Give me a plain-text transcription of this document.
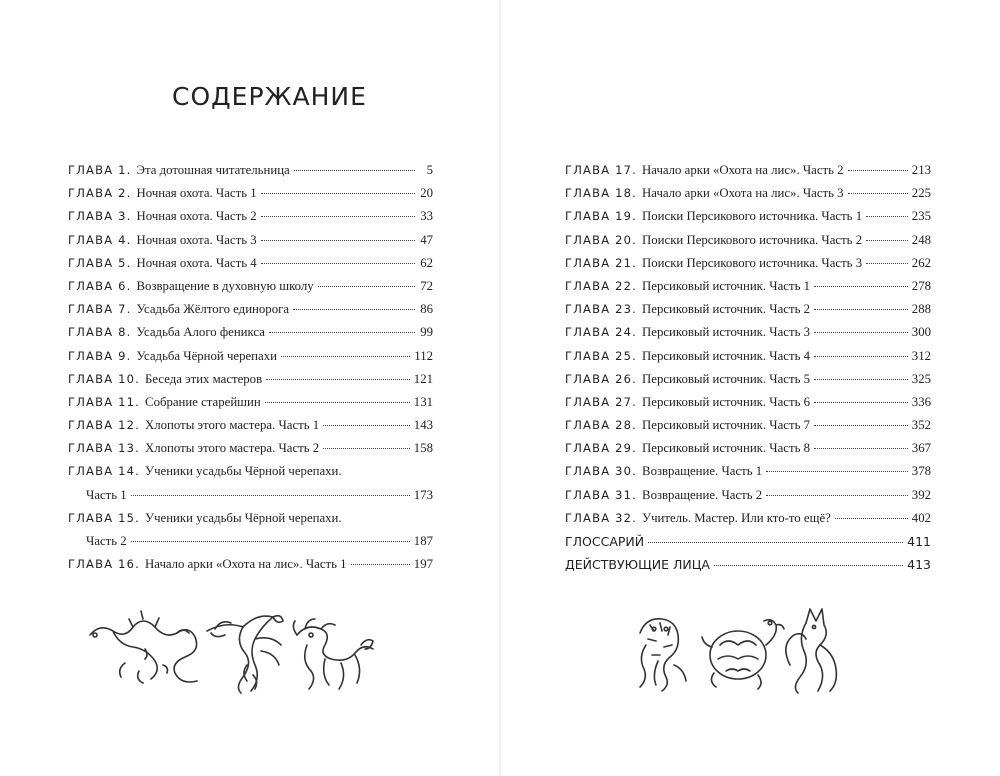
СОДЕРЖАНИЕ
ГЛАВА 1. Эта дотошная читательница	5
ГЛАВА 2. Ночная охота. Часть 1	20
ГЛАВА 3. Ночная охота. Часть 2	33
ГЛАВА 4. Ночная охота. Часть 3	47
ГЛАВА 5. Ночная охота. Часть 4	62
ГЛАВА 6. Возвращение в духовную школу	72
ГЛАВА 7. Усадьба Жёлтого единорога	86
ГЛАВА 8. Усадьба Алого феникса	99
ГЛАВА 9. Усадьба Чёрной черепахи	112
ГЛАВА 10. Беседа этих мастеров	121
ГЛАВА 11. Собрание старейшин	131
ГЛАВА 12. Хлопоты этого мастера. Часть 1	143
ГЛАВА 13. Хлопоты этого мастера. Часть 2	158
ГЛАВА 14. Ученики усадьбы Чёрной черепахи.
Часть 1	173
ГЛАВА 15. Ученики усадьбы Чёрной черепахи.
Часть 2	187
ГЛАВА 16. Начало арки «Охота на лис». Часть 1	197
ГЛАВА 17. Начало арки «Охота на лис». Часть 2	213
ГЛАВА 18. Начало арки «Охота на лис». Часть 3	225
ГЛАВА 19. Поиски Персикового источника. Часть 1	235
ГЛАВА 20. Поиски Персикового источника. Часть 2	248
ГЛАВА 21. Поиски Персикового источника. Часть 3	262
ГЛАВА 22. Персиковый источник. Часть 1	278
ГЛАВА 23. Персиковый источник. Часть 2	288
ГЛАВА 24. Персиковый источник. Часть 3	300
ГЛАВА 25. Персиковый источник. Часть 4	312
ГЛАВА 26. Персиковый источник. Часть 5	325
ГЛАВА 27. Персиковый источник. Часть 6	336
ГЛАВА 28. Персиковый источник. Часть 7	352
ГЛАВА 29. Персиковый источник. Часть 8	367
ГЛАВА 30. Возвращение. Часть 1	378
ГЛАВА 31. Возвращение. Часть 2	392
ГЛАВА 32. Учитель. Мастер. Или кто-то ещё?	402
ГЛОССАРИЙ	411
ДЕЙСТВУЮЩИЕ ЛИЦА	413
